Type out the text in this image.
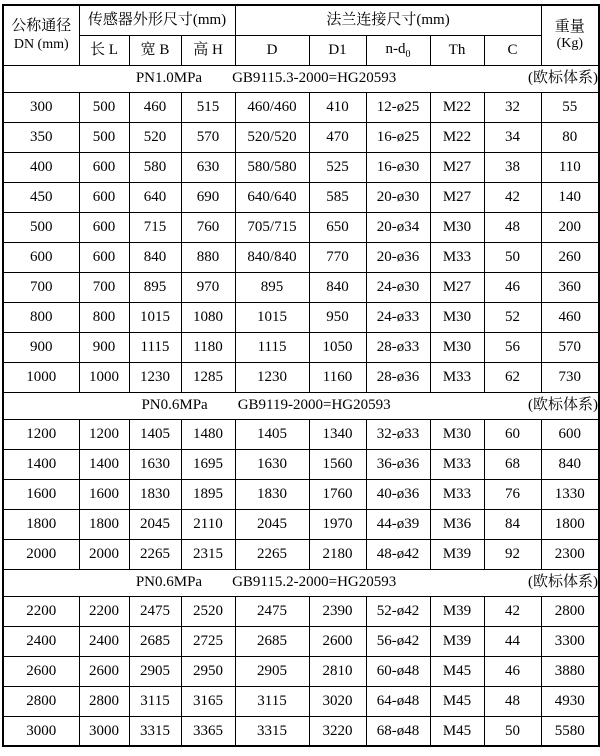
公称通径
DN (mm)
	传感器外形尺寸(mm)	法兰连接尺寸(mm)	重量
(Kg)

	长 L	宽 B	高 H	D	D1	$n-d_0$	Th	C	

(欧标体系)
PN1.0MPa GB9115.3-2000=HG20593									
300	500	460	515	460/460	410	12-ø25	M22	32	55
350	500	520	570	520/520	470	16-ø25	M22	34	80
400	600	580	630	580/580	525	16-ø30	M27	38	110
450	600	640	690	640/640	585	20-ø30	M27	42	140
500	600	715	760	705/715	650	20-ø34	M30	48	200
600	600	840	880	840/840	770	20-ø36	M33	50	260
700	700	895	970	895	840	24-ø30	M27	46	360
800	800	1015	1080	1015	950	24-ø33	M30	52	460
900	900	1115	1180	1115	1050	28-ø33	M30	56	570
1000	1000	1230	1285	1230	1160	28-ø36	M33	62	730

(欧标体系)
PN0.6MPa GB9119-2000=HG20593									
1200	1200	1405	1480	1405	1340	32-ø33	M30	60	600
1400	1400	1630	1695	1630	1560	36-ø36	M33	68	840
1600	1600	1830	1895	1830	1760	40-ø36	M33	76	1330
1800	1800	2045	2110	2045	1970	44-ø39	M36	84	1800
2000	2000	2265	2315	2265	2180	48-ø42	M39	92	2300

(欧标体系)
PN0.6MPa GB9115.2-2000=HG20593									
2200	2200	2475	2520	2475	2390	52-ø42	M39	42	2800
2400	2400	2685	2725	2685	2600	56-ø42	M39	44	3300
2600	2600	2905	2950	2905	2810	60-ø48	M45	46	3880
2800	2800	3115	3165	3115	3020	64-ø48	M45	48	4930
3000	3000	3315	3365	3315	3220	68-ø48	M45	50	5580
